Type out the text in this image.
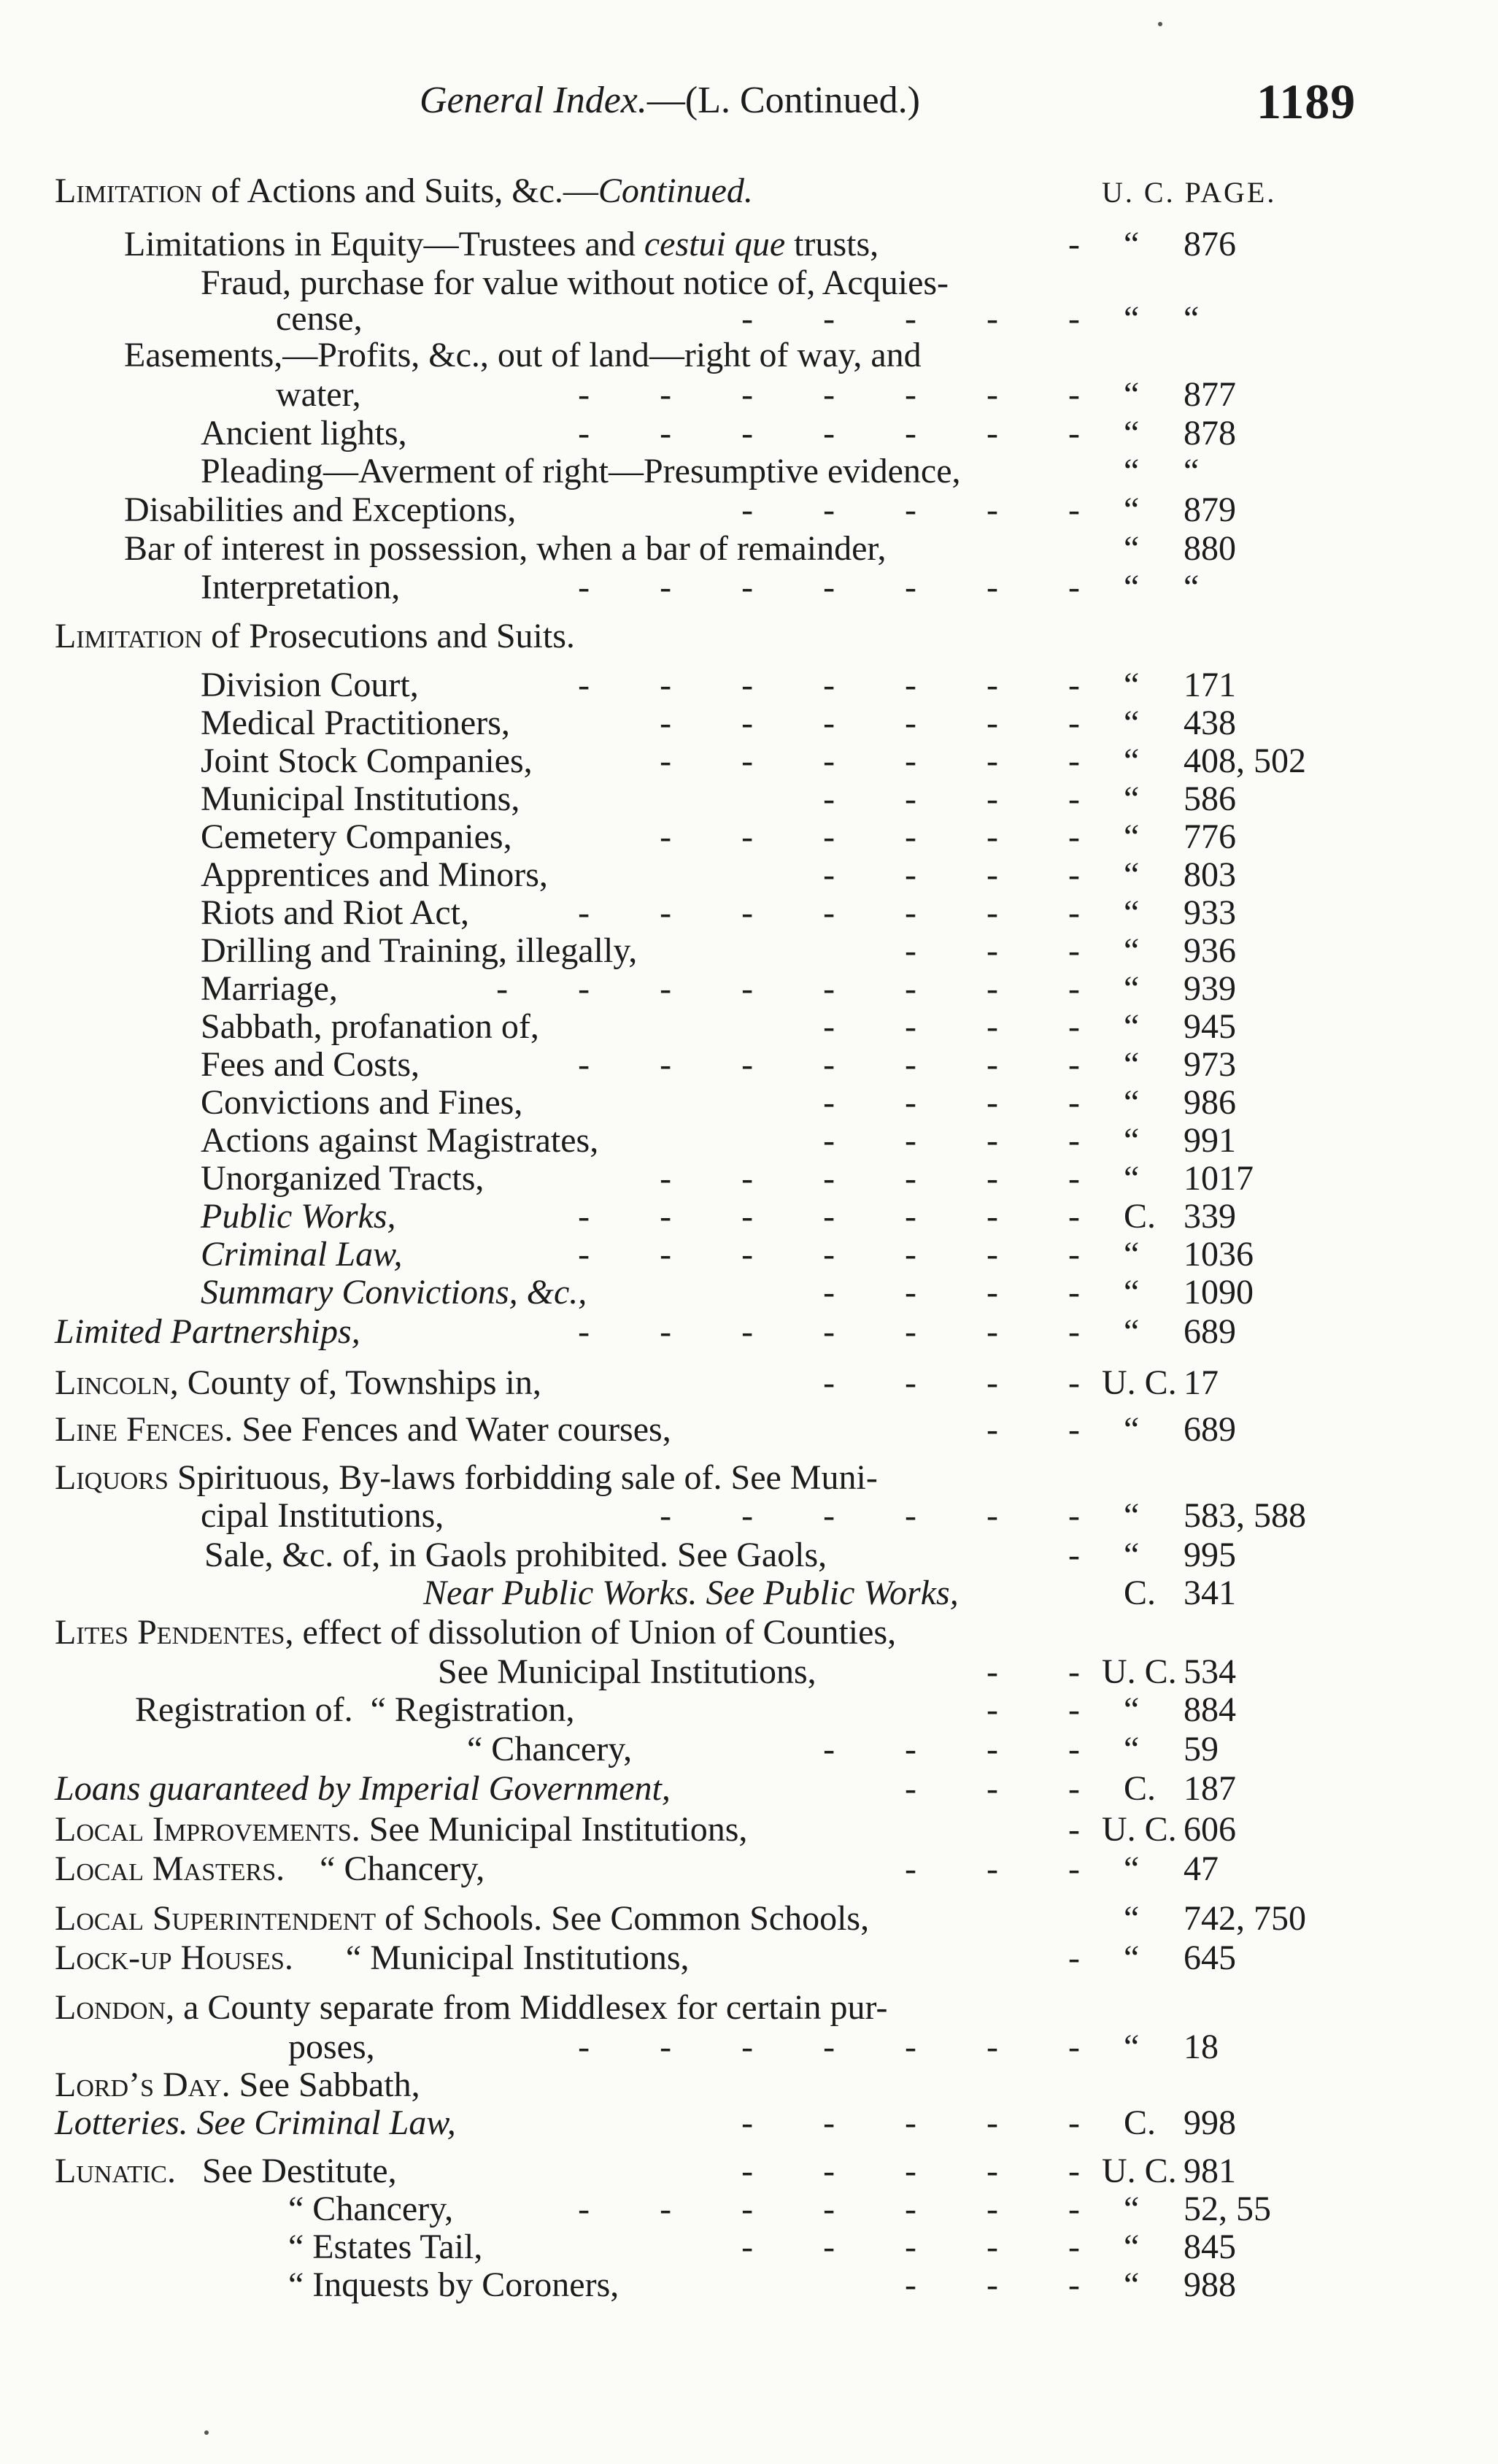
General Index.—(L. Continued.)	1189
Limitation of Actions and Suits, &c.—Continued.	U. C. PAGE.
Limitations in Equity—Trustees and cestui que trusts,	- “ 876
Fraud, purchase for value without notice of, Acquies-
cense,	-  -  -  -  - “ “
Easements,—Profits, &c., out of land—right of way, and
water,	-  -  -  -  -  -  - “ 877
Ancient lights,	-  -  -  -  -  -  - “ 878
Pleading—Averment of right—Presumptive evidence,	“ “
Disabilities and Exceptions,	-  -  -  -  - “ 879
Bar of interest in possession, when a bar of remainder,	“ 880
Interpretation,	-  -  -  -  -  -  - “ “
Limitation of Prosecutions and Suits.
Division Court,	-  -  -  -  -  -  - “ 171
Medical Practitioners,	-  -  -  -  -  - “ 438
Joint Stock Companies,	-  -  -  -  -  - “ 408, 502
Municipal Institutions,	-  -  -  - “ 586
Cemetery Companies,	-  -  -  -  -  - “ 776
Apprentices and Minors,	-  -  -  - “ 803
Riots and Riot Act,	-  -  -  -  -  -  - “ 933
Drilling and Training, illegally,	-  -  - “ 936
Marriage,	-  -  -  -  -  -  -  - “ 939
Sabbath, profanation of,	-  -  -  - “ 945
Fees and Costs,	-  -  -  -  -  -  - “ 973
Convictions and Fines,	-  -  -  - “ 986
Actions against Magistrates,	-  -  -  - “ 991
Unorganized Tracts,	-  -  -  -  -  - “ 1017
Public Works,	-  -  -  -  -  -  - C. 339
Criminal Law,	-  -  -  -  -  -  - “ 1036
Summary Convictions, &c.,	-  -  -  - “ 1090
Limited Partnerships,	-  -  -  -  -  -  - “ 689
Lincoln, County of, Townships in,	-  -  -  - U. C. 17
Line Fences. See Fences and Water courses,	-  - “ 689
Liquors Spirituous, By-laws forbidding sale of. See Muni-
cipal Institutions,	-  -  -  -  -  - “ 583, 588
Sale, &c. of, in Gaols prohibited. See Gaols,	- “ 995
Near Public Works. See Public Works,	C. 341
Lites Pendentes, effect of dissolution of Union of Counties,
See Municipal Institutions,	-  - U. C. 534
Registration of.  “ Registration,	-  - “ 884
“ Chancery,	-  -  -  - “ 59
Loans guaranteed by Imperial Government,	-  -  - C. 187
Local Improvements. See Municipal Institutions,	- U. C. 606
Local Masters.    “ Chancery,	-  -  - “ 47
Local Superintendent of Schools. See Common Schools,	“ 742, 750
Lock-up Houses.      “ Municipal Institutions,	- “ 645
London, a County separate from Middlesex for certain pur-
poses,	-  -  -  -  -  -  - “ 18
Lord’s Day. See Sabbath,
Lotteries. See Criminal Law,	-  -  -  -  - C. 998
Lunatic.   See Destitute,	-  -  -  -  - U. C. 981
“ Chancery,	-  -  -  -  -  -  - “ 52, 55
“ Estates Tail,	-  -  -  -  - “ 845
“ Inquests by Coroners,	-  -  - “ 988
